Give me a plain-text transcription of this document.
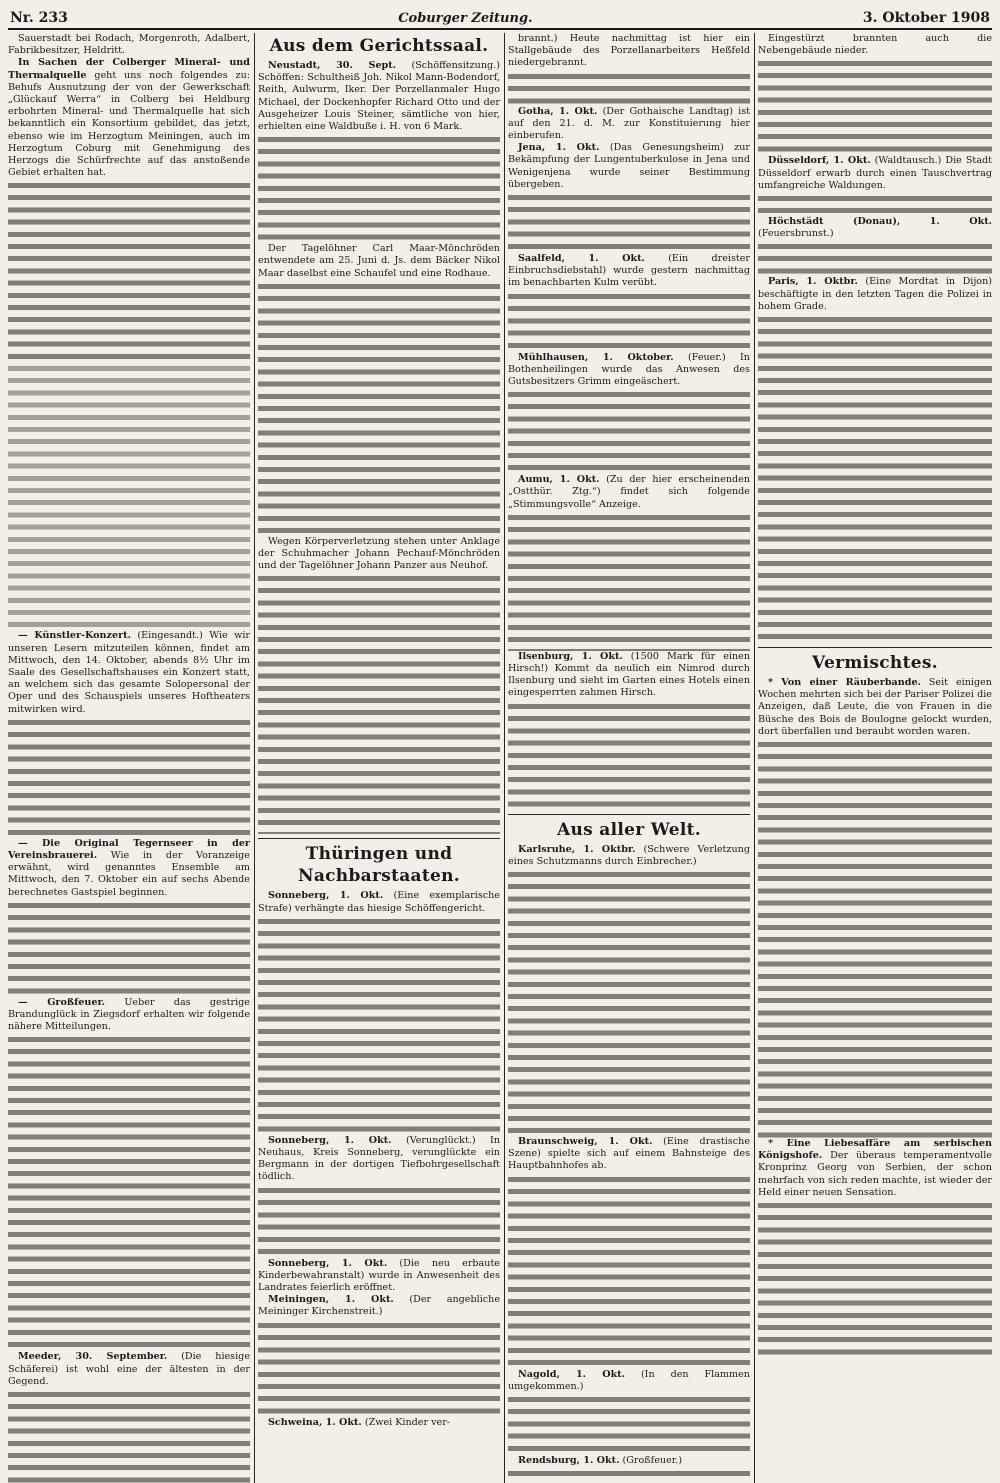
Nr. 233	Coburger Zeitung.	3. Oktober 1908

Sauerstadt bei Rodach, Morgenroth, Adalbert, Fabrikbesitzer, Heldritt.

In Sachen der Colberger Mineral- und Thermalquelle geht uns noch folgendes zu: Behufs Ausnutzung der von der Gewerkschaft „Glückauf Werra“ in Colberg bei Heldburg erbohrten Mineral- und Thermalquelle hat sich bekanntlich ein Konsortium gebildet, das jetzt, ebenso wie im Herzogtum Meiningen, auch im Herzogtum Coburg mit Genehmigung des Herzogs die Schürfrechte auf das anstoßende Gebiet erhalten hat.

— Künstler-Konzert. (Eingesandt.) Wie wir unseren Lesern mitzuteilen können, findet am Mittwoch, den 14. Oktober, abends 8½ Uhr im Saale des Gesellschaftshauses ein Konzert statt, an welchem sich das gesamte Solopersonal der Oper und des Schauspiels unseres Hoftheaters mitwirken wird.

— Die Original Tegernseer in der Vereinsbrauerei. Wie in der Voranzeige erwähnt, wird genanntes Ensemble am Mittwoch, den 7. Oktober ein auf sechs Abende berechnetes Gastspiel beginnen.

— Großfeuer. Ueber das gestrige Brandunglück in Ziegsdorf erhalten wir folgende nähere Mitteilungen.

Meeder, 30. September. (Die hiesige Schäferei) ist wohl eine der ältesten in der Gegend.

Aus dem Gerichtssaal.

Neustadt, 30. Sept. (Schöffensitzung.) Schöffen: Schultheiß Joh. Nikol Mann-Bodendorf, Reith, Aulwurm, Iker. Der Porzellanmaler Hugo Michael, der Dockenhopfer Richard Otto und der Ausgeheizer Louis Steiner, sämtliche von hier, erhielten eine Waldbuße i. H. von 6 Mark.

Der Tagelöhner Carl Maar-Mönchröden entwendete am 25. Juni d. Js. dem Bäcker Nikol Maar daselbst eine Schaufel und eine Rodhaue.

Wegen Körperverletzung stehen unter Anklage der Schuhmacher Johann Pechauf-Mönchröden und der Tagelöhner Johann Panzer aus Neuhof.

Thüringen und Nachbarstaaten.

Sonneberg, 1. Okt. (Eine exemplarische Strafe) verhängte das hiesige Schöffengericht.

Sonneberg, 1. Okt. (Verunglückt.) In Neuhaus, Kreis Sonneberg, verunglückte ein Bergmann in der dortigen Tiefbohrgesellschaft tödlich.

Sonneberg, 1. Okt. (Die neu erbaute Kinderbewahranstalt) wurde in Anwesenheit des Landrates feierlich eröffnet.

Meiningen, 1. Okt. (Der angebliche Meininger Kirchenstreit.)

Schweina, 1. Okt. (Zwei Kinder ver-

brannt.) Heute nachmittag ist hier ein Stallgebäude des Porzellanarbeiters Heßfeld niedergebrannt.

Gotha, 1. Okt. (Der Gothaische Landtag) ist auf den 21. d. M. zur Konstituierung hier einberufen.

Jena, 1. Okt. (Das Genesungsheim) zur Bekämpfung der Lungentuberkulose in Jena und Wenigenjena wurde seiner Bestimmung übergeben.

Saalfeld, 1. Okt. (Ein dreister Einbruchsdiebstahl) wurde gestern nachmittag im benachbarten Kulm verübt.

Mühlhausen, 1. Oktober. (Feuer.) In Bothenheilingen wurde das Anwesen des Gutsbesitzers Grimm eingeäschert.

Aumu, 1. Okt. (Zu der hier erscheinenden „Ostthür. Ztg.“) findet sich folgende „Stimmungsvolle“ Anzeige.

Ilsenburg, 1. Okt. (1500 Mark für einen Hirsch!) Kommt da neulich ein Nimrod durch Ilsenburg und sieht im Garten eines Hotels einen eingesperrten zahmen Hirsch.

Aus aller Welt.

Karlsruhe, 1. Oktbr. (Schwere Verletzung eines Schutzmanns durch Einbrecher.)

Braunschweig, 1. Okt. (Eine drastische Szene) spielte sich auf einem Bahnsteige des Hauptbahnhofes ab.

Nagold, 1. Okt. (In den Flammen umgekommen.)

Rendsburg, 1. Okt. (Großfeuer.)

Eingestürzt brannten auch die Nebengebäude nieder.

Düsseldorf, 1. Okt. (Waldtausch.) Die Stadt Düsseldorf erwarb durch einen Tauschvertrag umfangreiche Waldungen.

Höchstädt (Donau), 1. Okt. (Feuersbrunst.)

Paris, 1. Oktbr. (Eine Mordtat in Dijon) beschäftigte in den letzten Tagen die Polizei in hohem Grade.

Vermischtes.

* Von einer Räuberbande. Seit einigen Wochen mehrten sich bei der Pariser Polizei die Anzeigen, daß Leute, die von Frauen in die Büsche des Bois de Boulogne gelockt wurden, dort überfallen und beraubt worden waren.

* Eine Liebesaffäre am serbischen Königshofe. Der überaus temperamentvolle Kronprinz Georg von Serbien, der schon mehrfach von sich reden machte, ist wieder der Held einer neuen Sensation.
